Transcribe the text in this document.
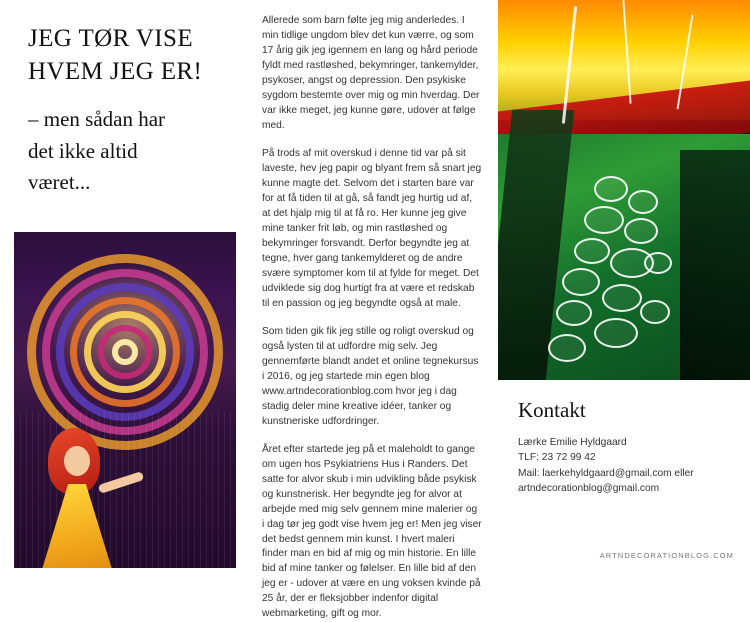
JEG TØR VISE
HVEM JEG ER!
– men sådan har
det ikke altid
været...

Allerede som barn følte jeg mig anderledes. I min tidlige ungdom blev det kun værre, og som 17 årig gik jeg igennem en lang og hård periode fyldt med rastløshed, bekymringer, tankemylder, psykoser, angst og depression. Den psykiske sygdom bestemte over mig og min hverdag. Der var ikke meget, jeg kunne gøre, udover at følge med.

På trods af mit overskud i denne tid var på sit laveste, hev jeg papir og blyant frem så snart jeg kunne magte det. Selvom det i starten bare var for at få tiden til at gå, så fandt jeg hurtig ud af, at det hjalp mig til at få ro. Her kunne jeg give mine tanker frit løb, og min rastløshed og bekymringer forsvandt. Derfor begyndte jeg at tegne, hver gang tankemylderet og de andre svære symptomer kom til at fylde for meget. Det udviklede sig dog hurtigt fra at være et redskab til en passion og jeg begyndte også at male.

Som tiden gik fik jeg stille og roligt overskud og også lysten til at udfordre mig selv. Jeg gennemførte blandt andet et online tegnekursus i 2016, og jeg startede min egen blog www.artndecorationblog.com hvor jeg i dag stadig deler mine kreative idéer, tanker og kunstneriske udfordringer.

Året efter startede jeg på et maleholdt to gange om ugen hos Psykiatriens Hus i Randers. Det satte for alvor skub i min udvikling både psykisk og kunstnerisk. Her begyndte jeg for alvor at arbejde med mig selv gennem mine malerier og i dag tør jeg godt vise hvem jeg er! Men jeg viser det bedst gennem min kunst. I hvert maleri finder man en bid af mig og min historie. En lille bid af mine tanker og følelser. En lille bid af den jeg er - udover at være en ung voksen kvinde på 25 år, der er fleksjobber indenfor digital webmarketing, gift og mor.

Kontakt
Lærke Emilie Hyldgaard
TLF: 23 72 99 42
Mail: laerkehyldgaard@gmail.com eller
artndecorationblog@gmail.com
ARTNDECORATIONBLOG.COM
